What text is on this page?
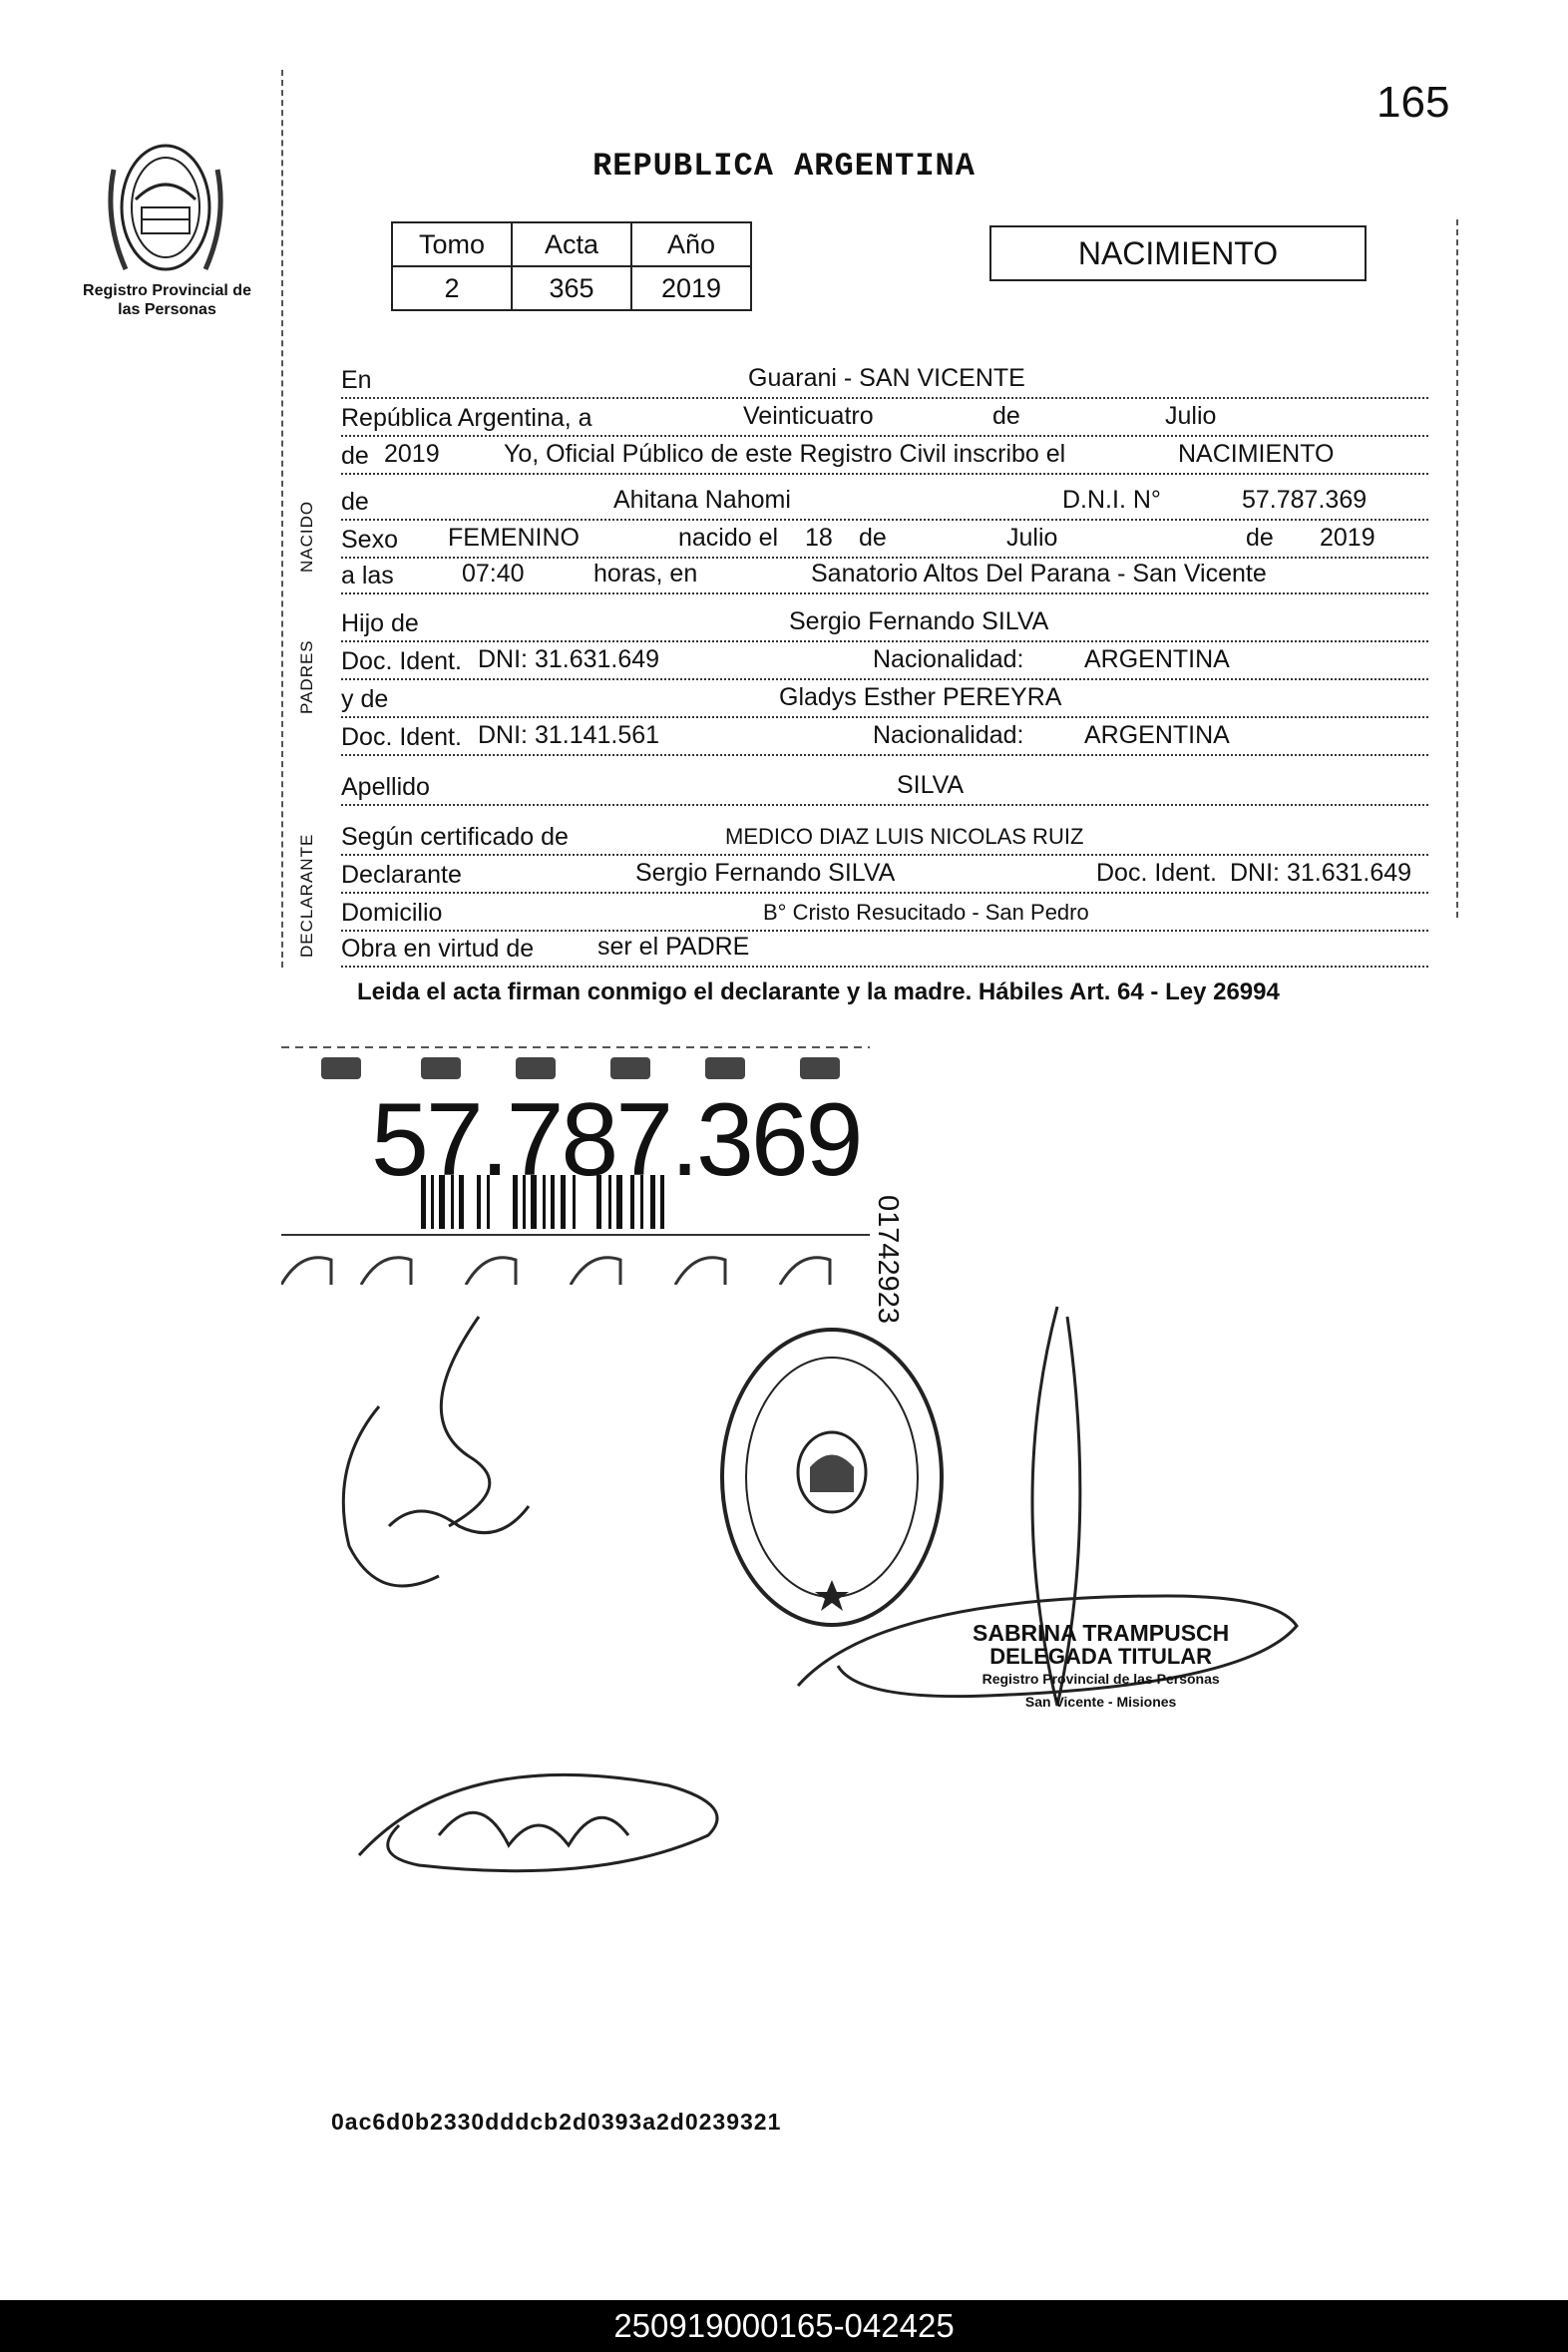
165
REPUBLICA ARGENTINA
Registro Provincial de las Personas
Tomo	Acta	Año
2	365	2019
NACIMIENTO
NACIDO
PADRES
DECLARANTE
En	Guarani - SAN VICENTE
República Argentina, a	Veinticuatro	de	Julio
de 2019	Yo, Oficial Público de este Registro Civil inscribo el	NACIMIENTO
de	Ahitana Nahomi	D.N.I. N°	57.787.369
Sexo FEMENINO	nacido el 18 de	Julio	de 2019
a las	07:40	horas, en	Sanatorio Altos Del Parana - San Vicente
Hijo de	Sergio Fernando SILVA
Doc. Ident. DNI: 31.631.649	Nacionalidad: ARGENTINA
y de	Gladys Esther PEREYRA
Doc. Ident. DNI: 31.141.561	Nacionalidad: ARGENTINA
Apellido	SILVA
Según certificado de	MEDICO DIAZ LUIS NICOLAS RUIZ
Declarante	Sergio Fernando SILVA	Doc. Ident. DNI: 31.631.649
Domicilio	B° Cristo Resucitado - San Pedro
Obra en virtud de	ser el PADRE
Leida el acta firman conmigo el declarante y la madre. Hábiles Art. 64 - Ley 26994
57.787.369
01742923
SABRINA TRAMPUSCH
DELEGADA TITULAR
Registro Provincial de las Personas
San Vicente - Misiones
0ac6d0b2330dddcb2d0393a2d0239321
250919000165-042425
